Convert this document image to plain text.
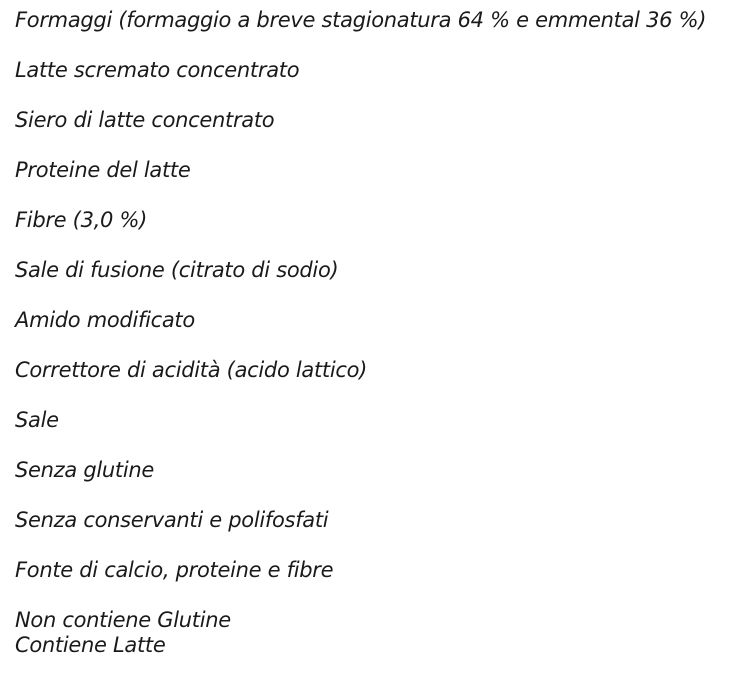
Formaggi (formaggio a breve stagionatura 64 % e emmental 36 %)
Latte scremato concentrato
Siero di latte concentrato
Proteine del latte
Fibre (3,0 %)
Sale di fusione (citrato di sodio)
Amido modificato
Correttore di acidità (acido lattico)
Sale
Senza glutine
Senza conservanti e polifosfati
Fonte di calcio, proteine e fibre
Non contiene Glutine
Contiene Latte
